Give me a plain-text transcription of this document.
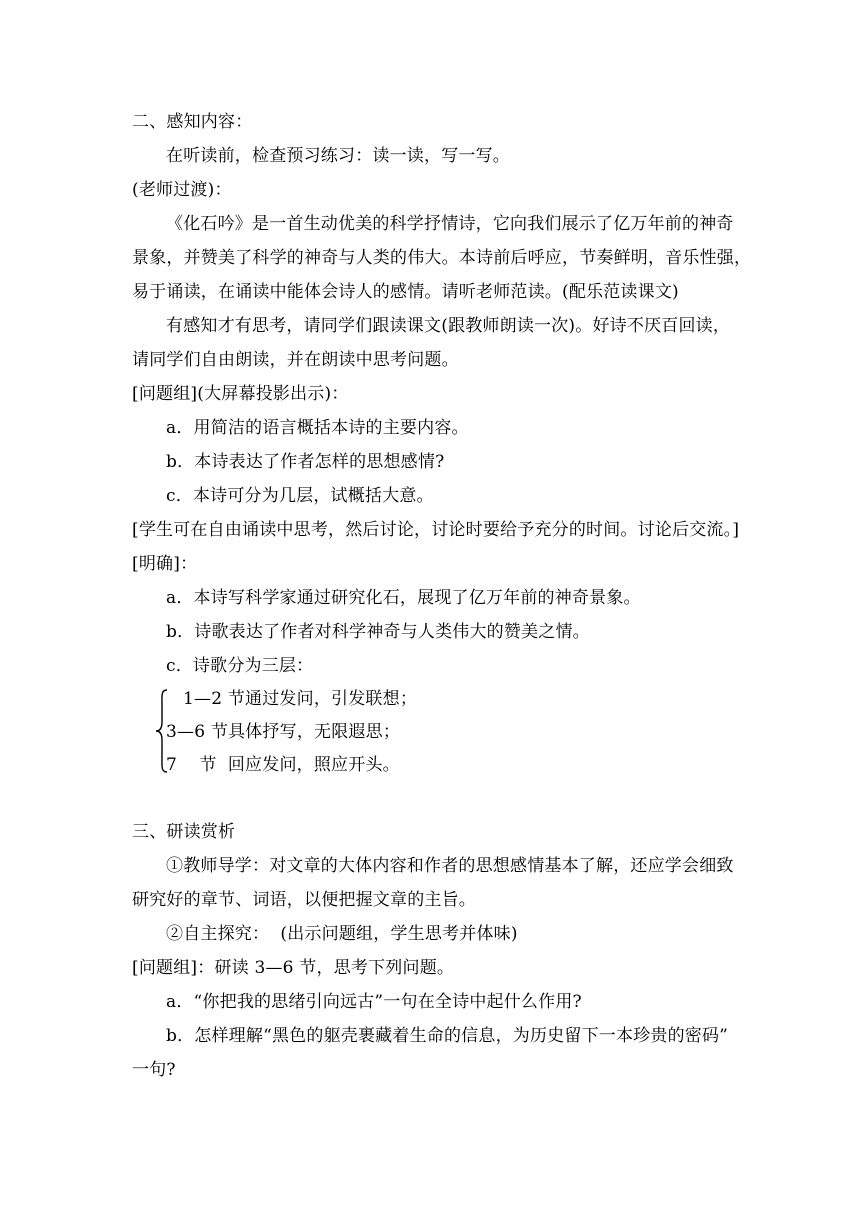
二、感知内容：
在听读前，检查预习练习：读一读，写一写。
(老师过渡)：
《化石吟》是一首生动优美的科学抒情诗，它向我们展示了亿万年前的神奇
景象，并赞美了科学的神奇与人类的伟大。本诗前后呼应，节奏鲜明，音乐性强，
易于诵读，在诵读中能体会诗人的感情。请听老师范读。(配乐范读课文)
有感知才有思考，请同学们跟读课文(跟教师朗读一次)。好诗不厌百回读，
请同学们自由朗读，并在朗读中思考问题。
[问题组](大屏幕投影出示)：
a．用简洁的语言概括本诗的主要内容。
b．本诗表达了作者怎样的思想感情?
c．本诗可分为几层，试概括大意。
[学生可在自由诵读中思考，然后讨论，讨论时要给予充分的时间。讨论后交流。]
[明确]：
a．本诗写科学家通过研究化石，展现了亿万年前的神奇景象。
b．诗歌表达了作者对科学神奇与人类伟大的赞美之情。
c．诗歌分为三层：
1—2 节通过发问，引发联想；
3—6 节具体抒写，无限遐思；
7    节  回应发问，照应开头。
三、研读赏析
①教师导学：对文章的大体内容和作者的思想感情基本了解，还应学会细致
研究好的章节、词语，以便把握文章的主旨。
②自主探究：  (出示问题组，学生思考并体味)
[问题组]：研读 3—6 节，思考下列问题。
a．“你把我的思绪引向远古”一句在全诗中起什么作用?
b．怎样理解“黑色的躯壳裹藏着生命的信息，为历史留下一本珍贵的密码”
一句?
